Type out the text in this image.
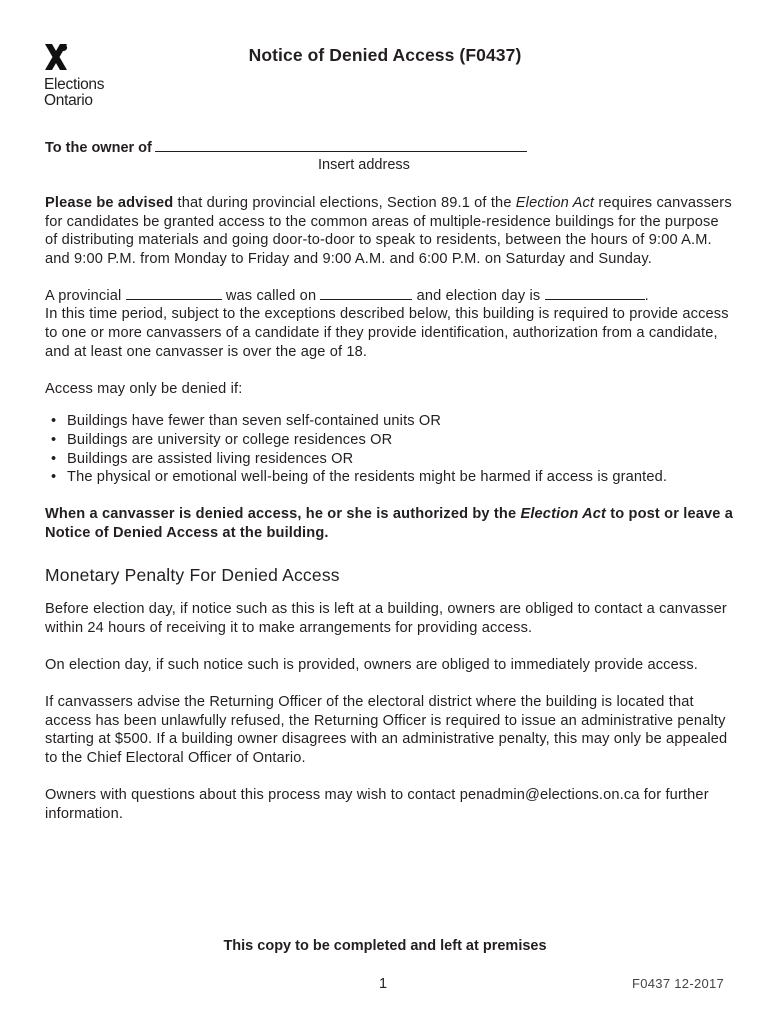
Elections
Ontario
Notice of Denied Access (F0437)
To the owner of
Insert address

Please be advised that during provincial elections, Section 89.1 of the Election Act requires canvassers for candidates be granted access to the common areas of multiple-residence buildings for the purpose of distributing materials and going door-to-door to speak to residents, between the hours of 9:00 A.M. and 9:00 P.M. from Monday to Friday and 9:00 A.M. and 6:00 P.M. on Saturday and Sunday.

A provincial	was called on	and election day is	.
In this time period, subject to the exceptions described below, this building is required to provide access to one or more canvassers of a candidate if they provide identification, authorization from a candidate, and at least one canvasser is over the age of 18.

Access may only be denied if:

• Buildings have fewer than seven self-contained units OR
• Buildings are university or college residences OR
• Buildings are assisted living residences OR
• The physical or emotional well-being of the residents might be harmed if access is granted.

When a canvasser is denied access, he or she is authorized by the Election Act to post or leave a Notice of Denied Access at the building.

Monetary Penalty For Denied Access

Before election day, if notice such as this is left at a building, owners are obliged to contact a canvasser within 24 hours of receiving it to make arrangements for providing access.

On election day, if such notice such is provided, owners are obliged to immediately provide access.

If canvassers advise the Returning Officer of the electoral district where the building is located that access has been unlawfully refused, the Returning Officer is required to issue an administrative penalty starting at $500. If a building owner disagrees with an administrative penalty, this may only be appealed to the Chief Electoral Officer of Ontario.

Owners with questions about this process may wish to contact penadmin@elections.on.ca for further information.

This copy to be completed and left at premises
1	F0437 12-2017
